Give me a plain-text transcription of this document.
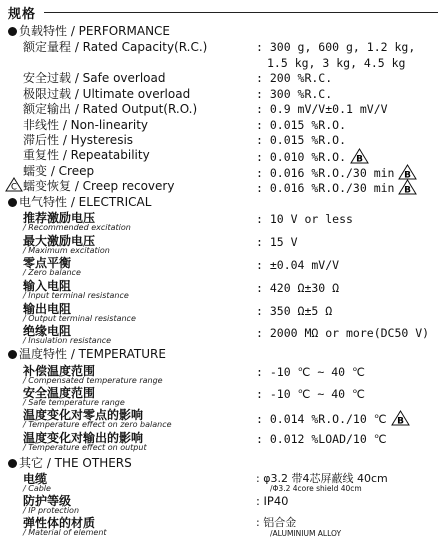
规格
负载特性 / PERFORMANCE
额定量程 / Rated Capacity(R.C.)	: 300 g, 600 g, 1.2 kg,
1.5 kg, 3 kg, 4.5 kg
安全过载 / Safe overload	: 200 %R.C.
极限过载 / Ultimate overload	: 300 %R.C.
额定输出 / Rated Output(R.O.)	: 0.9 mV/V±0.1 mV/V
非线性 / Non-linearity	: 0.015 %R.O.
滞后性 / Hysteresis	: 0.015 %R.O.
重复性 / Repeatability	: 0.010 %R.O. B
蠕变 / Creep	: 0.016 %R.O./30 min B
C 蠕变恢复 / Creep recovery	: 0.016 %R.O./30 min B
电气特性 / ELECTRICAL
推荐激励电压
/ Recommended excitation
: 10 V or less
最大激励电压
/ Maximum excitation
: 15 V
零点平衡
/ Zero balance
: ±0.04 mV/V
输入电阻
/ Input terminal resistance
: 420 Ω±30 Ω
输出电阻
/ Output terminal resistance
: 350 Ω±5 Ω
绝缘电阻
/ Insulation resistance
: 2000 MΩ or more(DC50 V)
温度特性 / TEMPERATURE
补偿温度范围
/ Compensated temperature range
: -10 ℃ ~ 40 ℃
安全温度范围
/ Safe temperature range
: -10 ℃ ~ 40 ℃
温度变化对零点的影响
/ Temperature effect on zero balance	: 0.014 %R.O./10 ℃ B
温度变化对输出的影响
/ Temperature effect on output
: 0.012 %LOAD/10 ℃
其它 / THE OTHERS
电缆
/ Cable
: φ3.2 带4芯屏蔽线 40cm
/Φ3.2 4core shield 40cm
防护等级
/ IP protection
: IP40
弹性体的材质
/ Material of element
: 铝合金
/ALUMINIUM ALLOY
